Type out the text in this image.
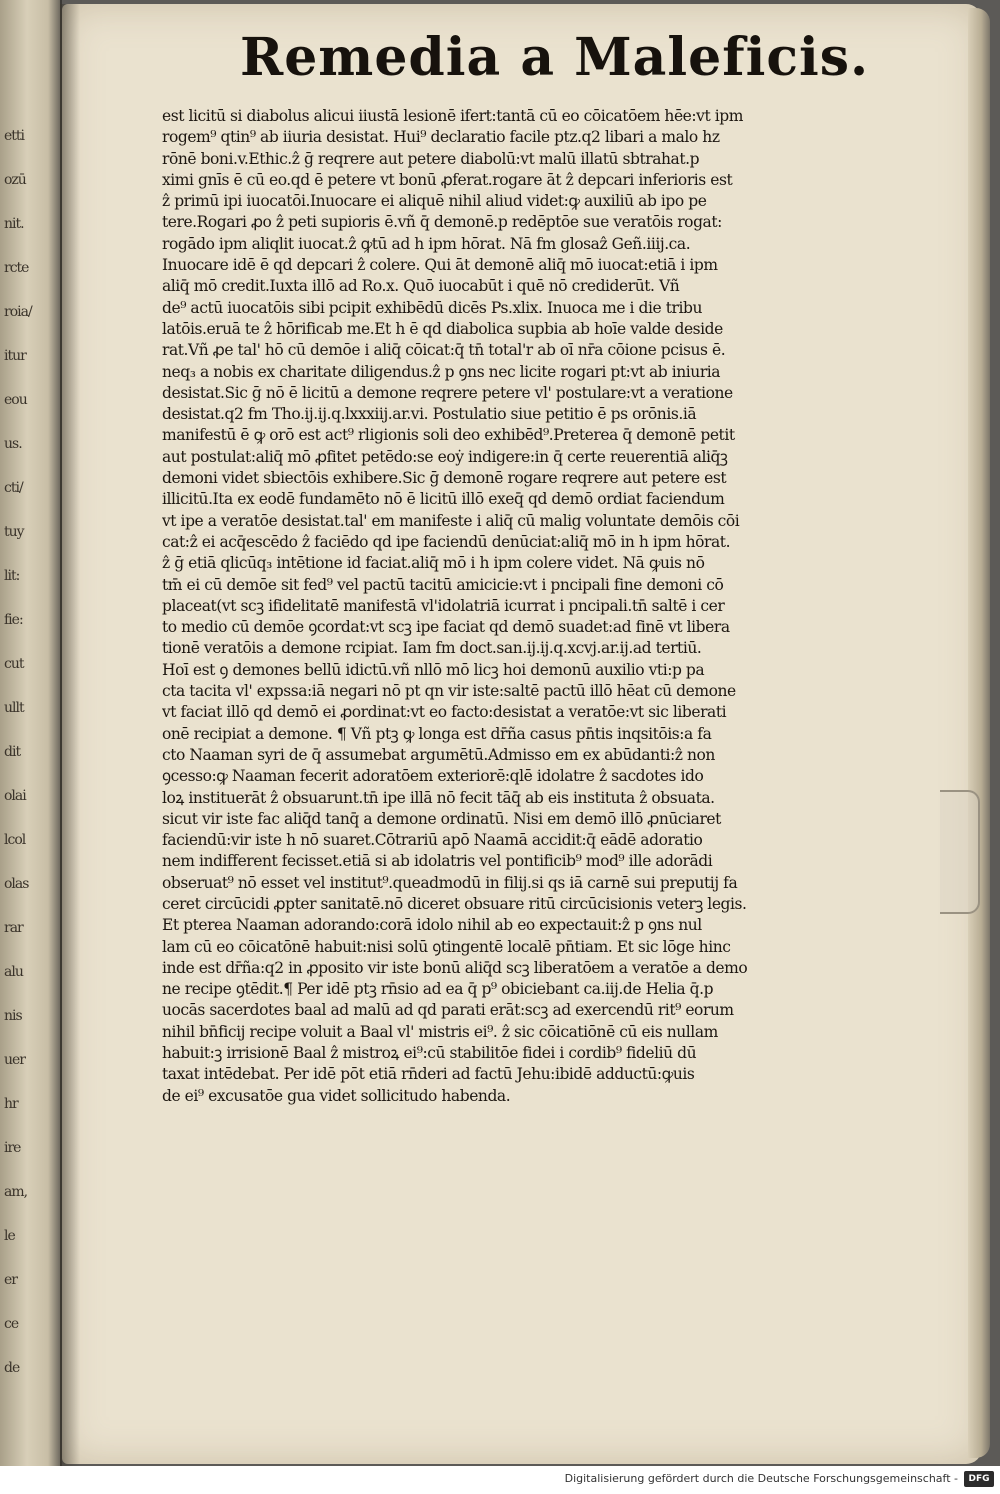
etti
ozū
nit.
rcte
roia/
itur
eou
us.
cti/
tuy
lit:
fie:
cut
ullt
dit
olai
lcol
olas
rar
alu
nis
uer
hr
ire
am,
le
er
ce
de
Remedia a Maleficis.
est licitū si diabolus alicui iiustā lesionē ifert:tantā cū eo cōicatōem hēe:vt ipm
rogem⁹ qtin⁹ ab iiuria desistat. Hui⁹ declaratio facile ptz.q2 libari a malo hz
rōnē boni.v.Ethic.ẑ ḡ reqrere aut petere diabolū:vt malū illatū sbtrahat.p
ximi gnīs ē cū eo.qd ē petere vt bonū ꝓferat.rogare āt ẑ depcari inferioris est
ẑ primū ipi iuocatōi.Inuocare ei aliquē nihil aliud videt:ꝙ auxiliū ab ipo pe
tere.Rogari ꝓo ẑ peti supioris ē.vñ q̄ demonē.p redēptōe sue veratōis rogat:
rogādo ipm aliqlit iuocat.ẑ ꝙtū ad h ipm hōrat. Nā fm glosaẑ Geñ.iiij.ca.
Inuocare idē ē qd depcari ẑ colere. Qui āt demonē aliq̄ mō iuocat:etiā i ipm
aliq̄ mō credit.Iuxta illō ad Ro.x. Quō iuocabūt i quē nō crediderūt. Vñ
de⁹ actū iuocatōis sibi pcipit exhibēdū dicēs Ps.xlix. Inuoca me i die tribu
latōis.eruā te ẑ hōrificab me.Et h ē qd diabolica supbia ab hoīe valde deside
rat.Vñ ꝓe tal' hō cū demōe i aliq̄ cōicat:q̄ tn̄ total'r ab oī nr̄a cōione pcisus ē.
neq₃ a nobis ex charitate diligendus.ẑ p ꝯns nec licite rogari pt:vt ab iniuria
desistat.Sic ḡ nō ē licitū a demone reqrere petere vl' postulare:vt a veratione
desistat.q2 fm Tho.ij.ij.q.lxxxiij.ar.vi. Postulatio siue petitio ē ps orōnis.iā
manifestū ē ꝙ orō est act⁹ rligionis soli deo exhibēd⁹.Preterea q̄ demonē petit
aut postulat:aliq̄ mō ꝓfitet petēdo:se eoẏ indigere:in q̄ certe reuerentiā aliq̄ꝫ
demoni videt sbiectōis exhibere.Sic ḡ demonē rogare reqrere aut petere est
illicitū.Ita ex eodē fundamēto nō ē licitū illō exeq̄ qd demō ordiat faciendum
vt ipe a veratōe desistat.tal' em manifeste i aliq̄ cū malig voluntate demōis cōi
cat:ẑ ei acq̄escēdo ẑ faciēdo qd ipe faciendū denūciat:aliq̄ mō in h ipm hōrat.
ẑ ḡ etiā qlicūq₃ intētione id faciat.aliq̄ mō i h ipm colere videt. Nā ꝙuis nō
tm̄ ei cū demōe sit fed⁹ vel pactū tacitū amicicie:vt i pncipali fine demoni cō
placeat(vt scꝫ ifidelitatē manifestā vl'idolatriā icurrat i pncipali.tn̄ saltē i cer
to medio cū demōe ꝯcordat:vt scꝫ ipe faciat qd demō suadet:ad finē vt libera
tionē veratōis a demone rcipiat. Iam fm doct.san.ij.ij.q.xcvj.ar.ij.ad tertiū.
Hoī est ꝯ demones bellū idictū.vñ nllō mō licꝫ hoi demonū auxilio vti:p pa
cta tacita vl' expssa:iā negari nō pt qn vir iste:saltē pactū illō hēat cū demone
vt faciat illō qd demō ei ꝓordinat:vt eo facto:desistat a veratōe:vt sic liberati
onē recipiat a demone. ¶ Vñ ptꝫ ꝙ longa est dr̄ña casus pn̄tis inqsitōis:a fa
cto Naaman syri de q̄ assumebat argumētū.Admisso em ex abūdanti:ẑ non
ꝯcesso:ꝙ Naaman fecerit adoratōem exteriorē:qlē idolatre ẑ sacdotes ido
loꝝ instituerāt ẑ obsuarunt.tn̄ ipe illā nō fecit tāq̄ ab eis instituta ẑ obsuata.
sicut vir iste fac aliq̄d tanq̄ a demone ordinatū. Nisi em demō illō ꝓnūciaret
faciendū:vir iste h nō suaret.Cōtrariū apō Naamā accidit:q̄ eādē adoratio
nem indifferent fecisset.etiā si ab idolatris vel pontificib⁹ mod⁹ ille adorādi
obseruat⁹ nō esset vel institut⁹.queadmodū in filij.si qs iā carnē sui preputij fa
ceret circūcidi ꝓpter sanitatē.nō diceret obsuare ritū circūcisionis veterꝫ legis.
Et pterea Naaman adorando:corā idolo nihil ab eo expectauit:ẑ p ꝯns nul
lam cū eo cōicatōnē habuit:nisi solū ꝯtingentē localē pn̄tiam. Et sic lōge hinc
inde est dr̄ña:q2 in ꝓposito vir iste bonū aliq̄d scꝫ liberatōem a veratōe a demo
ne recipe ꝯtēdit.¶ Per idē ptꝫ rn̄sio ad ea q̄ p⁹ obiciebant ca.iij.de Helia q̄.p
uocās sacerdotes baal ad malū ad qd parati erāt:scꝫ ad exercendū rit⁹ eorum
nihil bn̄ficij recipe voluit a Baal vl' mistris ei⁹. ẑ sic cōicatiōnē cū eis nullam
habuit:ꝫ irrisionē Baal ẑ mistroꝝ ei⁹:cū stabilitōe fidei i cordib⁹ fideliū dū
taxat intēdebat. Per idē pōt etiā rn̄deri ad factū Jehu:ibidē adductū:ꝙuis
de ei⁹ excusatōe gua videt sollicitudo habenda.
Digitalisierung gefördert durch die Deutsche Forschungsgemeinschaft -	DFG
